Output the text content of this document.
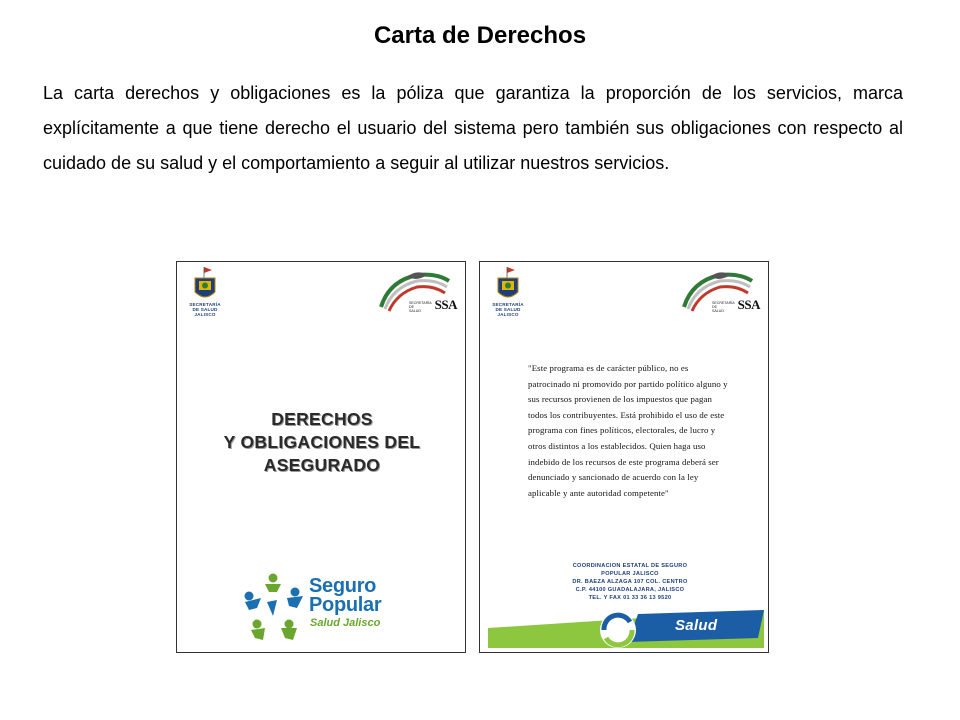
Carta de Derechos
La carta derechos y obligaciones es la póliza que garantiza la proporción de los servicios, marca explícitamente a que tiene derecho el usuario del sistema pero también sus obligaciones con respecto al cuidado de su salud y el comportamiento a seguir al utilizar nuestros servicios.
SECRETARÍA
DE SALUD
JALISCO
SECRETARÍA DE
SALUD	SSA
DERECHOS
Y OBLIGACIONES DEL
ASEGURADO
Seguro
Popular
Salud Jalisco
SECRETARÍA
DE SALUD
JALISCO
SECRETARÍA DE
SALUD	SSA
"Este programa es de carácter público, no es patrocinado ni promovido por partido político alguno y sus recursos provienen de los impuestos que pagan todos los contribuyentes. Está prohibido el uso de este programa con fines políticos, electorales, de lucro y otros distintos a los establecidos. Quien haga uso indebido de los recursos de este programa deberá ser denunciado y sancionado de acuerdo con la ley aplicable y ante autoridad competente"
COORDINACION ESTATAL DE SEGURO
POPULAR JALISCO
DR. BAEZA ALZAGA 107 COL. CENTRO
C.P. 44100 GUADALAJARA, JALISCO
TEL. Y FAX 01 33 36 13 9520
Salud
